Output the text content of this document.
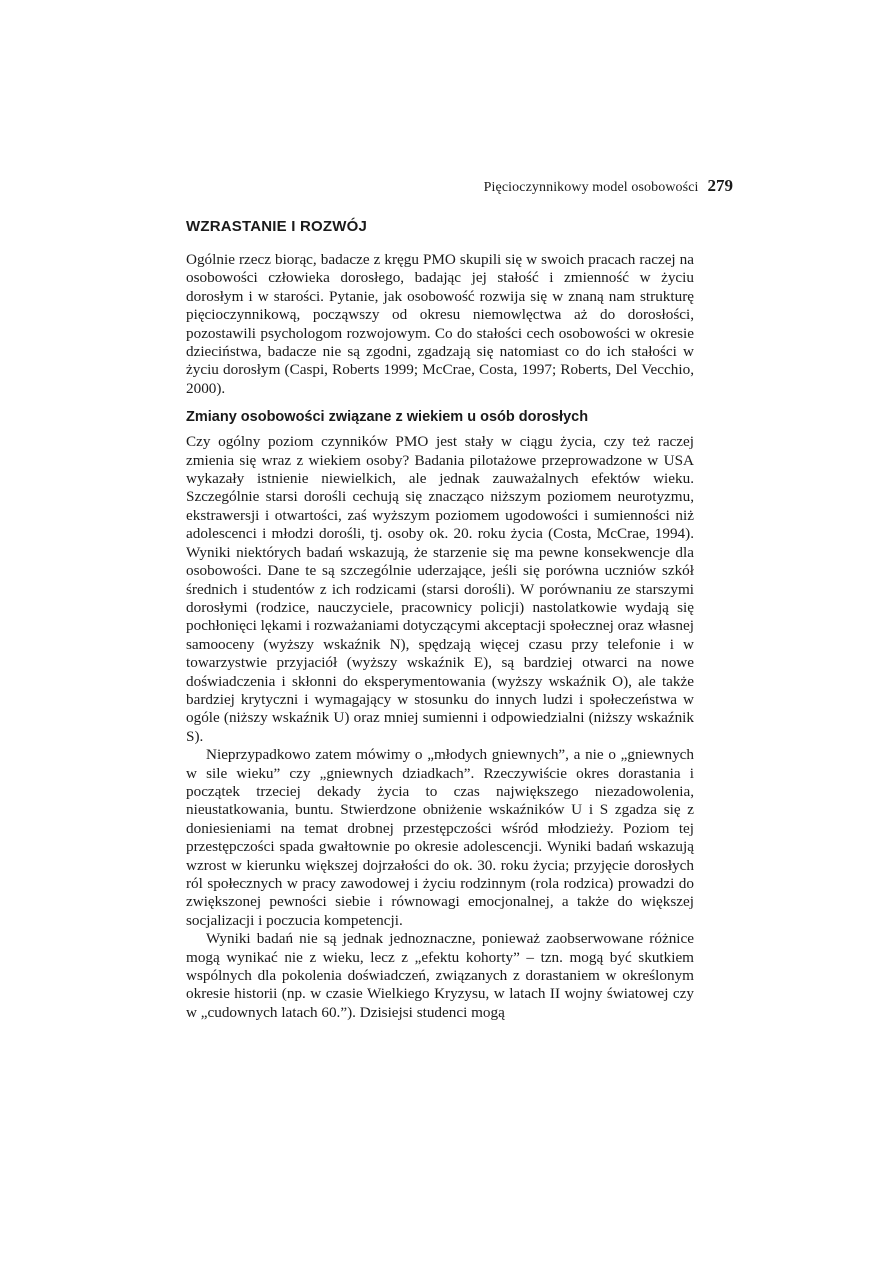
Pięcioczynnikowy model osobowości 279
WZRASTANIE I ROZWÓJ

Ogólnie rzecz biorąc, badacze z kręgu PMO skupili się w swoich pracach raczej na osobowości człowieka dorosłego, badając jej stałość i zmienność w życiu dorosłym i w starości. Pytanie, jak osobowość rozwija się w znaną nam strukturę pięcioczynnikową, począwszy od okresu niemowlęctwa aż do dorosłości, pozostawili psychologom rozwojowym. Co do stałości cech osobowości w okresie dzieciństwa, badacze nie są zgodni, zgadzają się natomiast co do ich stałości w życiu dorosłym (Caspi, Roberts 1999; McCrae, Costa, 1997; Roberts, Del Vecchio, 2000).

Zmiany osobowości związane z wiekiem u osób dorosłych

Czy ogólny poziom czynników PMO jest stały w ciągu życia, czy też raczej zmienia się wraz z wiekiem osoby? Badania pilotażowe przeprowadzone w USA wykazały istnienie niewielkich, ale jednak zauważalnych efektów wieku. Szczególnie starsi dorośli cechują się znacząco niższym poziomem neurotyzmu, ekstrawersji i otwartości, zaś wyższym poziomem ugodowości i sumienności niż adolescenci i młodzi dorośli, tj. osoby ok. 20. roku życia (Costa, McCrae, 1994). Wyniki niektórych badań wskazują, że starzenie się ma pewne konsekwencje dla osobowości. Dane te są szczególnie uderzające, jeśli się porówna uczniów szkół średnich i studentów z ich rodzicami (starsi dorośli). W porównaniu ze starszymi dorosłymi (rodzice, nauczyciele, pracownicy policji) nastolatkowie wydają się pochłonięci lękami i rozważaniami dotyczącymi akceptacji społecznej oraz własnej samooceny (wyższy wskaźnik N), spędzają więcej czasu przy telefonie i w towarzystwie przyjaciół (wyższy wskaźnik E), są bardziej otwarci na nowe doświadczenia i skłonni do eksperymentowania (wyższy wskaźnik O), ale także bardziej krytyczni i wymagający w stosunku do innych ludzi i społeczeństwa w ogóle (niższy wskaźnik U) oraz mniej sumienni i odpowiedzialni (niższy wskaźnik S).

Nieprzypadkowo zatem mówimy o „młodych gniewnych”, a nie o „gniewnych w sile wieku” czy „gniewnych dziadkach”. Rzeczywiście okres dorastania i początek trzeciej dekady życia to czas największego niezadowolenia, nieustatkowania, buntu. Stwierdzone obniżenie wskaźników U i S zgadza się z doniesieniami na temat drobnej przestępczości wśród młodzieży. Poziom tej przestępczości spada gwałtownie po okresie adolescencji. Wyniki badań wskazują wzrost w kierunku większej dojrzałości do ok. 30. roku życia; przyjęcie dorosłych ról społecznych w pracy zawodowej i życiu rodzinnym (rola rodzica) prowadzi do zwiększonej pewności siebie i równowagi emocjonalnej, a także do większej socjalizacji i poczucia kompetencji.

Wyniki badań nie są jednak jednoznaczne, ponieważ zaobserwowane różnice mogą wynikać nie z wieku, lecz z „efektu kohorty” – tzn. mogą być skutkiem wspólnych dla pokolenia doświadczeń, związanych z dorastaniem w określonym okresie historii (np. w czasie Wielkiego Kryzysu, w latach II wojny światowej czy w „cudownych latach 60.”). Dzisiejsi studenci mogą
